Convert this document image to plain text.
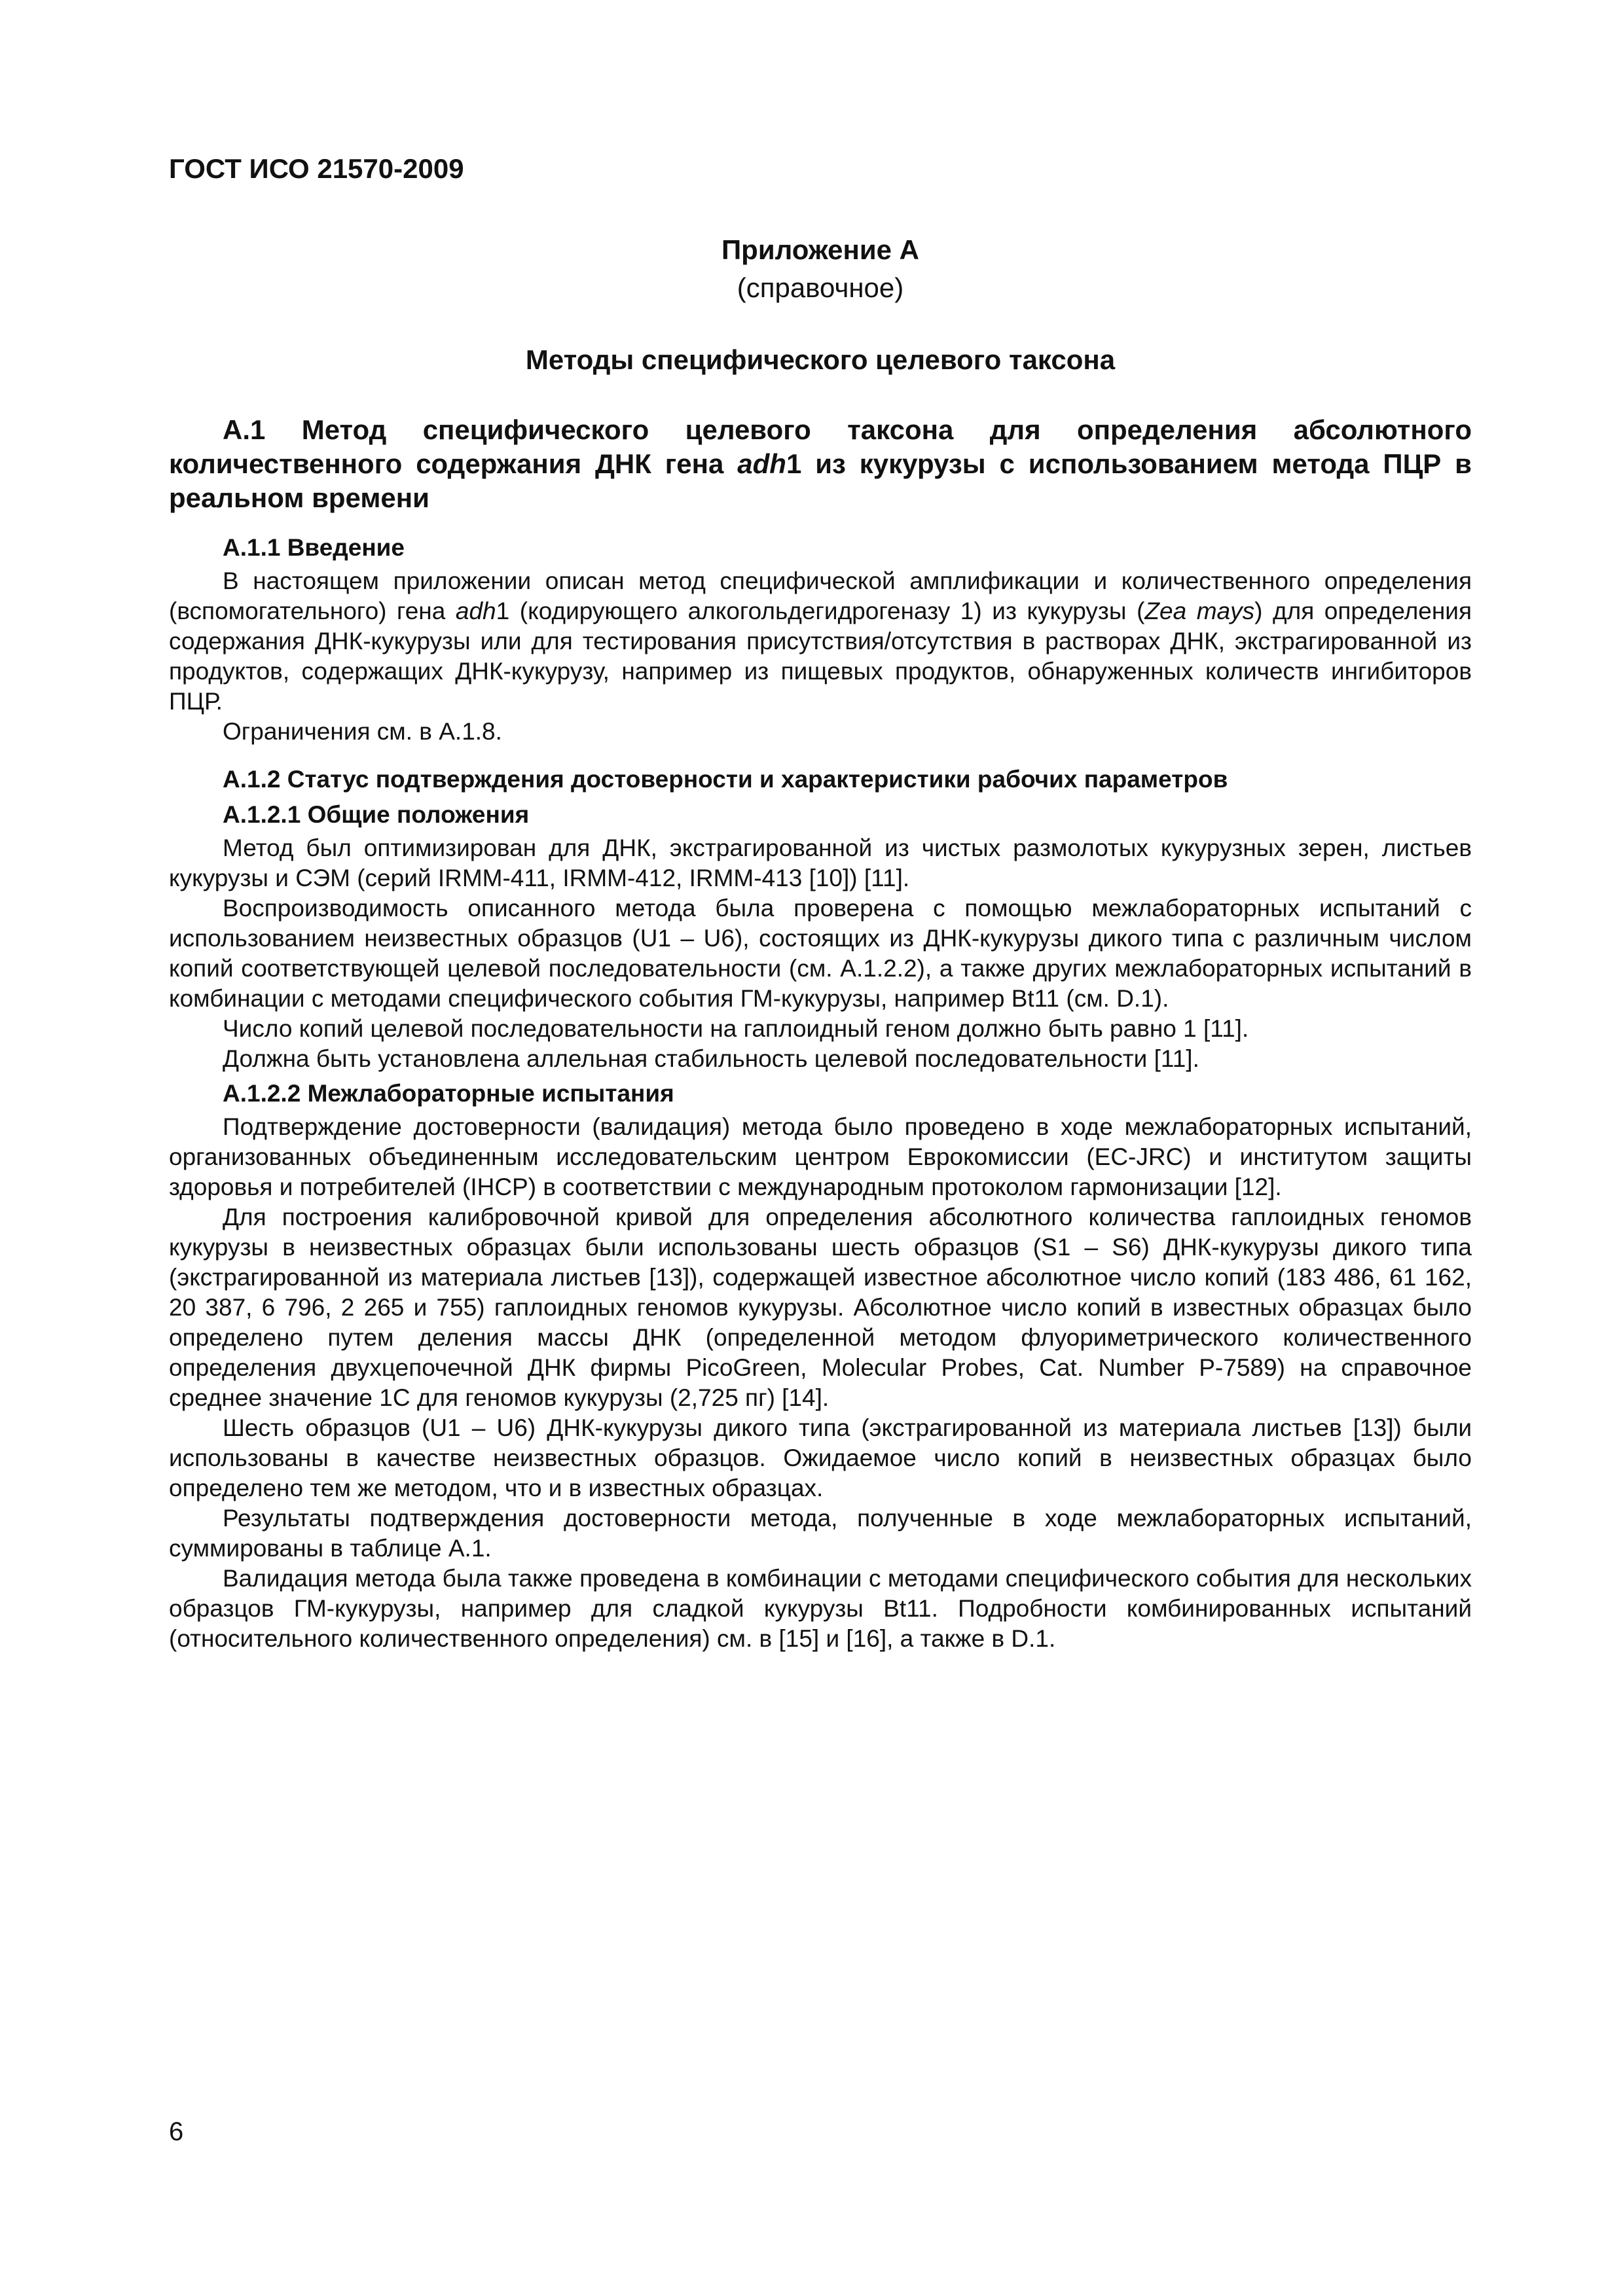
ГОСТ ИСО 21570-2009
Приложение А
(справочное)
Методы специфического целевого таксона
А.1 Метод специфического целевого таксона для определения абсолютного количественного содержания ДНК гена adh1 из кукурузы с использованием метода ПЦР в реальном времени
А.1.1 Введение

В настоящем приложении описан метод специфической амплификации и количественного определения (вспомогательного) гена adh1 (кодирующего алкогольдегидрогеназу 1) из кукурузы (Zea mays) для определения содержания ДНК-кукурузы или для тестирования присутствия/отсутствия в растворах ДНК, экстрагированной из продуктов, содержащих ДНК-кукурузу, например из пищевых продуктов, обнаруженных количеств ингибиторов ПЦР.

Ограничения см. в А.1.8.

А.1.2 Статус подтверждения достоверности и характеристики рабочих параметров
А.1.2.1 Общие положения

Метод был оптимизирован для ДНК, экстрагированной из чистых размолотых кукурузных зерен, листьев кукурузы и СЭМ (серий IRMM-411, IRMM-412, IRMM-413 [10]) [11].

Воспроизводимость описанного метода была проверена с помощью межлабораторных испытаний с использованием неизвестных образцов (U1 – U6), состоящих из ДНК-кукурузы дикого типа с различным числом копий соответствующей целевой последовательности (см. А.1.2.2), а также других межлабораторных испытаний в комбинации с методами специфического события ГМ-кукурузы, например Bt11 (см. D.1).

Число копий целевой последовательности на гаплоидный геном должно быть равно 1 [11].

Должна быть установлена аллельная стабильность целевой последовательности [11].

А.1.2.2 Межлабораторные испытания

Подтверждение достоверности (валидация) метода было проведено в ходе межлабораторных испытаний, организованных объединенным исследовательским центром Еврокомиссии (EC-JRC) и институтом защиты здоровья и потребителей (IHCP) в соответствии с международным протоколом гармонизации [12].

Для построения калибровочной кривой для определения абсолютного количества гаплоидных геномов кукурузы в неизвестных образцах были использованы шесть образцов (S1 – S6) ДНК-кукурузы дикого типа (экстрагированной из материала листьев [13]), содержащей известное абсолютное число копий (183 486, 61 162, 20 387, 6 796, 2 265 и 755) гаплоидных геномов кукурузы. Абсолютное число копий в известных образцах было определено путем деления массы ДНК (определенной методом флуориметрического количественного определения двухцепочечной ДНК фирмы PicoGreen, Molecular Probes, Cat. Number P-7589) на справочное среднее значение 1С для геномов кукурузы (2,725 пг) [14].

Шесть образцов (U1 – U6) ДНК-кукурузы дикого типа (экстрагированной из материала листьев [13]) были использованы в качестве неизвестных образцов. Ожидаемое число копий в неизвестных образцах было определено тем же методом, что и в известных образцах.

Результаты подтверждения достоверности метода, полученные в ходе межлабораторных испытаний, суммированы в таблице А.1.

Валидация метода была также проведена в комбинации с методами специфического события для нескольких образцов ГМ-кукурузы, например для сладкой кукурузы Bt11. Подробности комбинированных испытаний (относительного количественного определения) см. в [15] и [16], а также в D.1.

6
